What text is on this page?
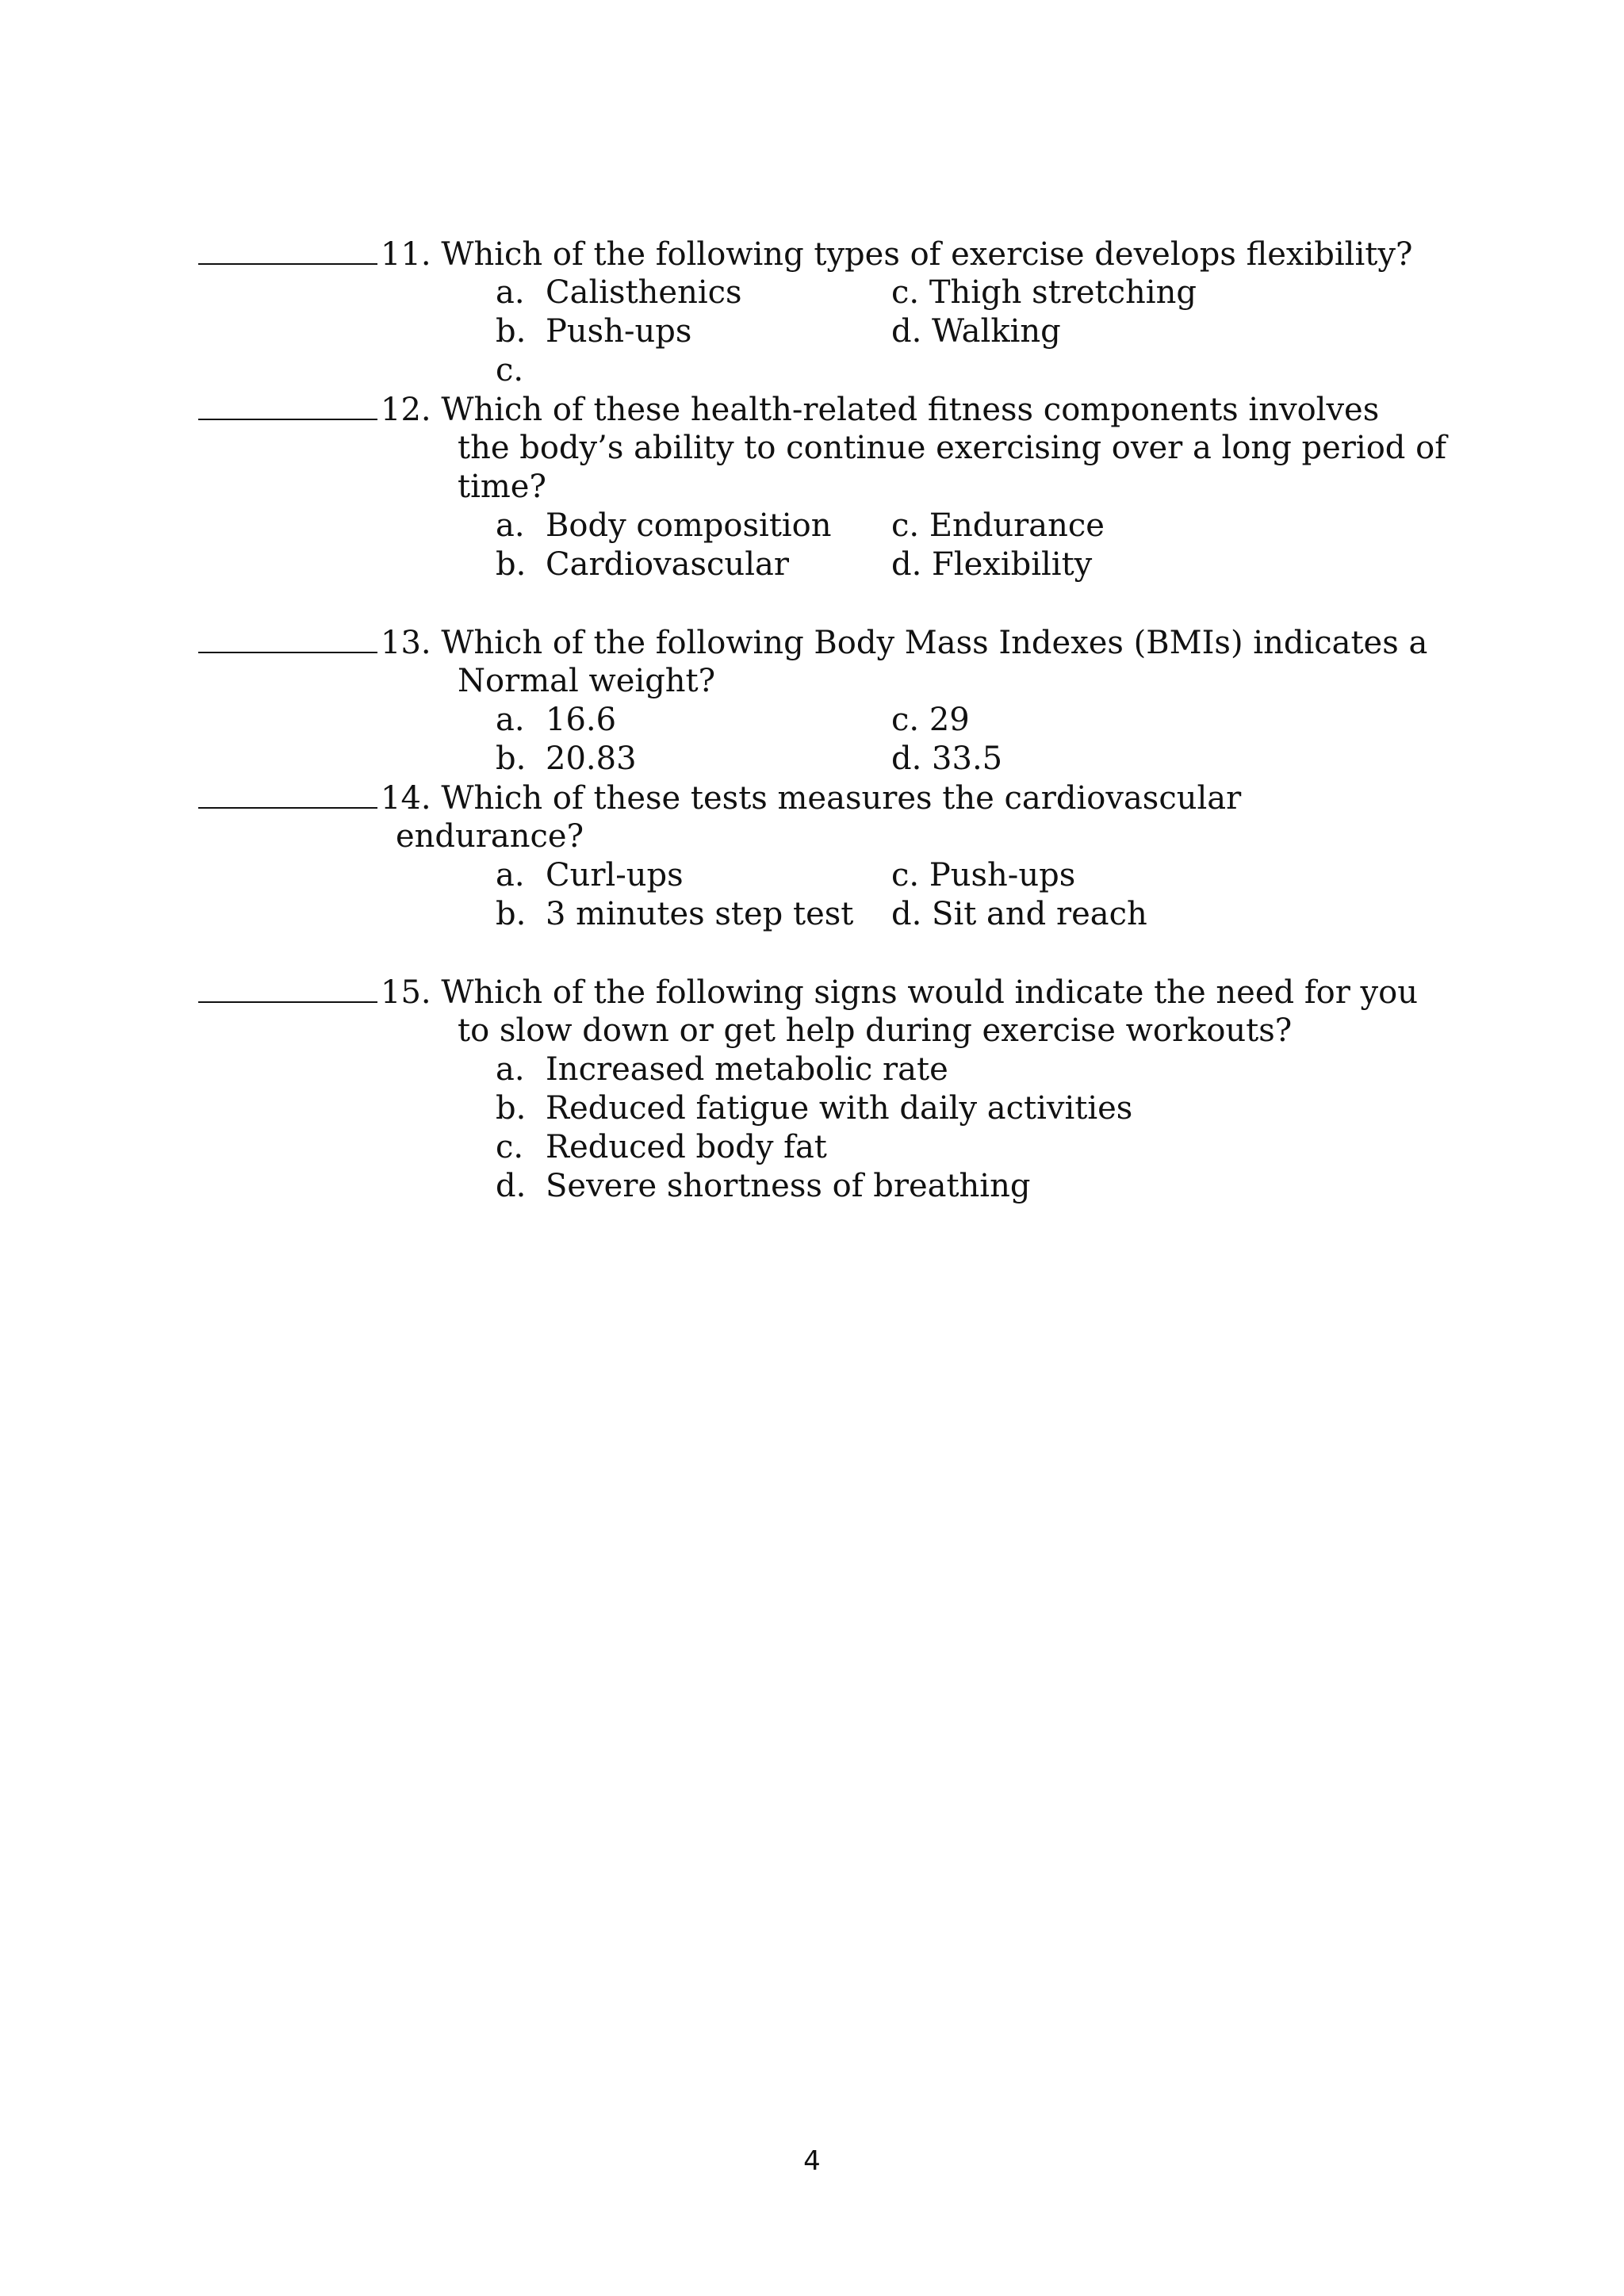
11. Which of the following types of exercise develops flexibility?
a. Calisthenics	c. Thigh stretching
b. Push-ups	d. Walking
c.
12. Which of these health-related fitness components involves
the body’s ability to continue exercising over a long period of
time?
a. Body composition c. Endurance
b. Cardiovascular	d. Flexibility
13. Which of the following Body Mass Indexes (BMIs) indicates a
Normal weight?
a. 16.6	c. 29
b. 20.83	d. 33.5
14. Which of these tests measures the cardiovascular
endurance?
a. Curl-ups	c. Push-ups
b. 3 minutes step test d. Sit and reach
15. Which of the following signs would indicate the need for you
to slow down or get help during exercise workouts?
a. Increased metabolic rate
b. Reduced fatigue with daily activities
c. Reduced body fat
d. Severe shortness of breathing
4
